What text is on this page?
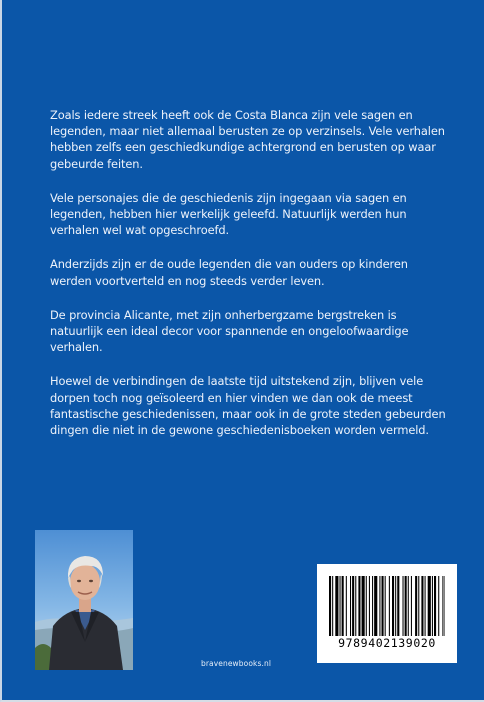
Zoals iedere streek heeft ook de Costa Blanca zijn vele sagen en legenden, maar niet allemaal berusten ze op verzinsels. Vele verhalen hebben zelfs een geschiedkundige achtergrond en berusten op waar gebeurde feiten.

Vele personajes die de geschiedenis zijn ingegaan via sagen en legenden, hebben hier werkelijk geleefd. Natuurlijk werden hun verhalen wel wat opgeschroefd.

Anderzijds zijn er de oude legenden die van ouders op kinderen werden voortverteld en nog steeds verder leven.

De provincia Alicante, met zijn onherbergzame bergstreken is natuurlijk een ideal decor voor spannende en ongeloofwaardige verhalen.

Hoewel de verbindingen de laatste tijd uitstekend zijn, blijven vele dorpen toch nog geïsoleerd en hier vinden we dan ook de meest fantastische geschiedenissen, maar ook in de grote steden gebeurden dingen die niet in de gewone geschiedenisboeken worden vermeld.

bravenewbooks.nl
9789402139020
